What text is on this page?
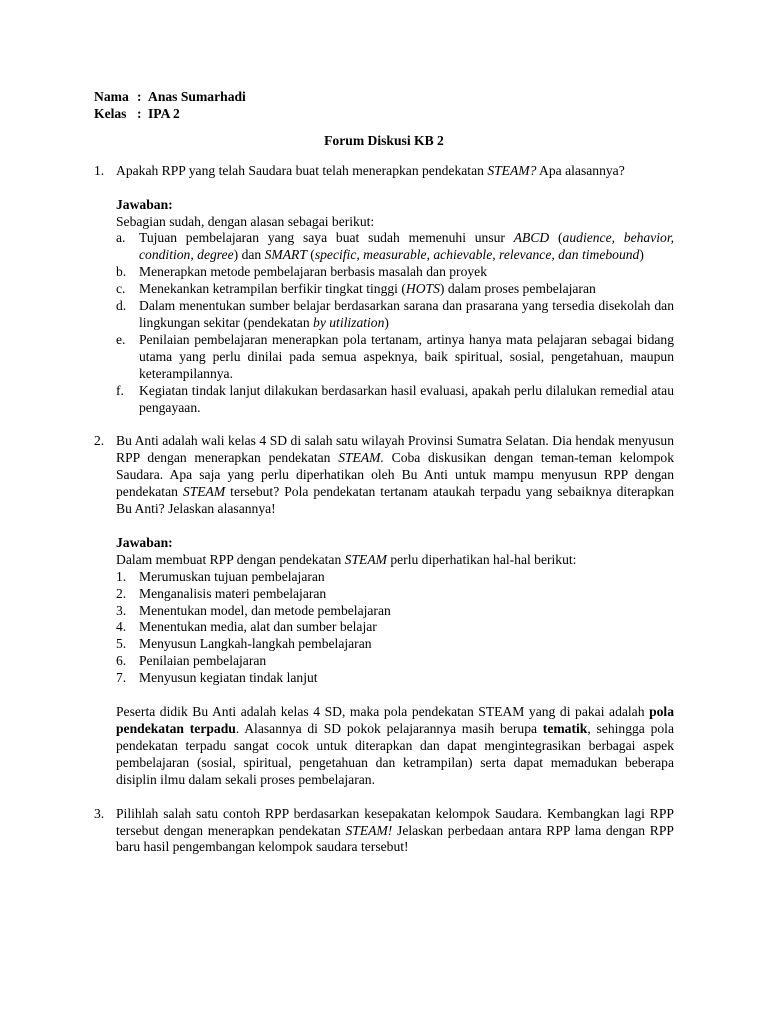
Nama : Anas Sumarhadi
Kelas : IPA 2
Forum Diskusi KB 2
1. Apakah RPP yang telah Saudara buat telah menerapkan pendekatan STEAM? Apa alasannya?
Jawaban:
Sebagian sudah, dengan alasan sebagai berikut:
a. Tujuan pembelajaran yang saya buat sudah memenuhi unsur ABCD (audience, behavior, condition, degree) dan SMART (specific, measurable, achievable, relevance, dan timebound)
b. Menerapkan metode pembelajaran berbasis masalah dan proyek
c. Menekankan ketrampilan berfikir tingkat tinggi (HOTS) dalam proses pembelajaran
d. Dalam menentukan sumber belajar berdasarkan sarana dan prasarana yang tersedia disekolah dan lingkungan sekitar (pendekatan by utilization)
e. Penilaian pembelajaran menerapkan pola tertanam, artinya hanya mata pelajaran sebagai bidang utama yang perlu dinilai pada semua aspeknya, baik spiritual, sosial, pengetahuan, maupun keterampilannya.
f.	Kegiatan tindak lanjut dilakukan berdasarkan hasil evaluasi, apakah perlu dilalukan remedial atau pengayaan.
2. Bu Anti adalah wali kelas 4 SD di salah satu wilayah Provinsi Sumatra Selatan. Dia hendak menyusun RPP dengan menerapkan pendekatan STEAM. Coba diskusikan dengan teman-teman kelompok Saudara. Apa saja yang perlu diperhatikan oleh Bu Anti untuk mampu menyusun RPP dengan pendekatan STEAM tersebut? Pola pendekatan tertanam ataukah terpadu yang sebaiknya diterapkan Bu Anti? Jelaskan alasannya!
Jawaban:
Dalam membuat RPP dengan pendekatan STEAM perlu diperhatikan hal-hal berikut:
1. Merumuskan tujuan pembelajaran
2. Menganalisis materi pembelajaran
3. Menentukan model, dan metode pembelajaran
4. Menentukan media, alat dan sumber belajar
5. Menyusun Langkah-langkah pembelajaran
6. Penilaian pembelajaran
7. Menyusun kegiatan tindak lanjut
Peserta didik Bu Anti adalah kelas 4 SD, maka pola pendekatan STEAM yang di pakai adalah pola pendekatan terpadu. Alasannya di SD pokok pelajarannya masih berupa tematik, sehingga pola pendekatan terpadu sangat cocok untuk diterapkan dan dapat mengintegrasikan berbagai aspek pembelajaran (sosial, spiritual, pengetahuan dan ketrampilan) serta dapat memadukan beberapa disiplin ilmu dalam sekali proses pembelajaran.
3. Pilihlah salah satu contoh RPP berdasarkan kesepakatan kelompok Saudara. Kembangkan lagi RPP tersebut dengan menerapkan pendekatan STEAM! Jelaskan perbedaan antara RPP lama dengan RPP baru hasil pengembangan kelompok saudara tersebut!
